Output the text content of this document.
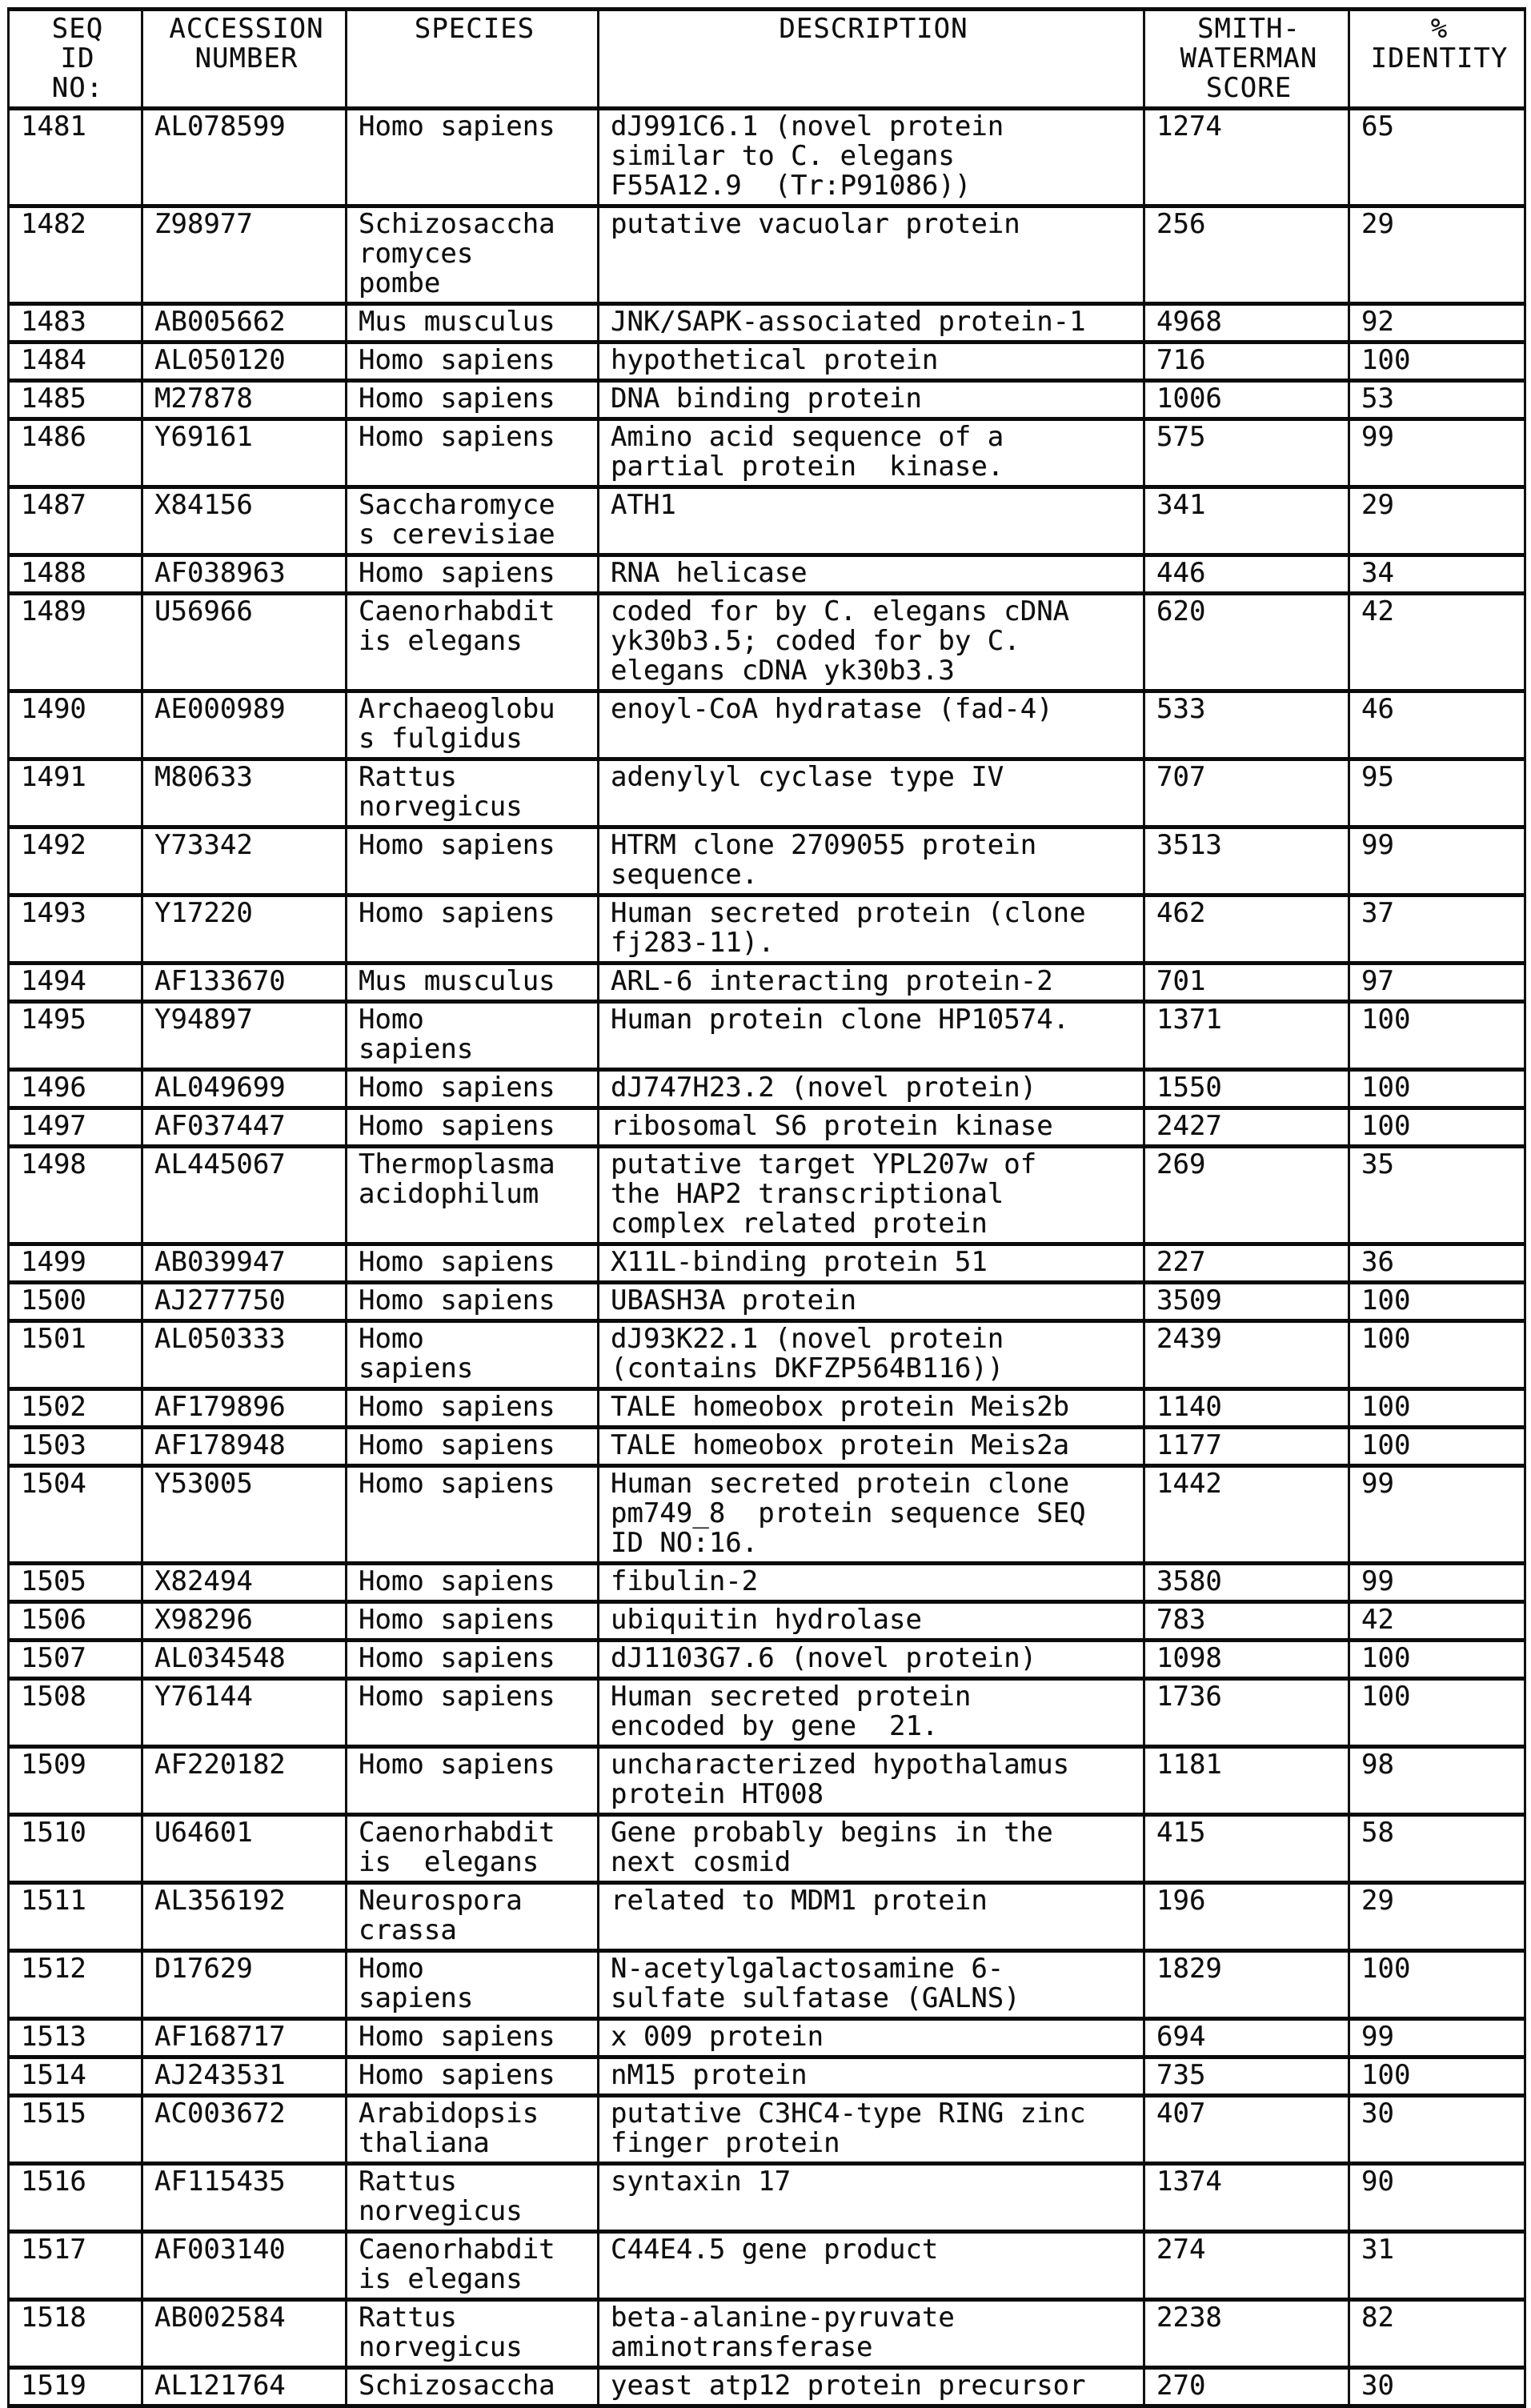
SEQ
ID
NO:	ACCESSION
NUMBER	SPECIES	DESCRIPTION	SMITH-
WATERMAN
SCORE	%
IDENTITY
1481	AL078599	Homo sapiens	dJ991C6.1 (novel protein
similar to C. elegans
F55A12.9  (Tr:P91086))	1274	65
1482	Z98977	Schizosaccha
romyces
pombe	putative vacuolar protein	256	29
1483	AB005662	Mus musculus	JNK/SAPK-associated protein-1	4968	92
1484	AL050120	Homo sapiens	hypothetical protein	716	100
1485	M27878	Homo sapiens	DNA binding protein	1006	53
1486	Y69161	Homo sapiens	Amino acid sequence of a
partial protein  kinase.	575	99
1487	X84156	Saccharomyce
s cerevisiae	ATH1	341	29
1488	AF038963	Homo sapiens	RNA helicase	446	34
1489	U56966	Caenorhabdit
is elegans	coded for by C. elegans cDNA
yk30b3.5; coded for by C.
elegans cDNA yk30b3.3	620	42
1490	AE000989	Archaeoglobu
s fulgidus	enoyl-CoA hydratase (fad-4)	533	46
1491	M80633	Rattus
norvegicus	adenylyl cyclase type IV	707	95
1492	Y73342	Homo sapiens	HTRM clone 2709055 protein
sequence.	3513	99
1493	Y17220	Homo sapiens	Human secreted protein (clone
fj283-11).	462	37
1494	AF133670	Mus musculus	ARL-6 interacting protein-2	701	97
1495	Y94897	Homo
sapiens	Human protein clone HP10574.	1371	100
1496	AL049699	Homo sapiens	dJ747H23.2 (novel protein)	1550	100
1497	AF037447	Homo sapiens	ribosomal S6 protein kinase	2427	100
1498	AL445067	Thermoplasma
acidophilum	putative target YPL207w of
the HAP2 transcriptional
complex related protein	269	35
1499	AB039947	Homo sapiens	X11L-binding protein 51	227	36
1500	AJ277750	Homo sapiens	UBASH3A protein	3509	100
1501	AL050333	Homo
sapiens	dJ93K22.1 (novel protein
(contains DKFZP564B116))	2439	100
1502	AF179896	Homo sapiens	TALE homeobox protein Meis2b	1140	100
1503	AF178948	Homo sapiens	TALE homeobox protein Meis2a	1177	100
1504	Y53005	Homo sapiens	Human secreted protein clone
pm749_8  protein sequence SEQ
ID NO:16.	1442	99
1505	X82494	Homo sapiens	fibulin-2	3580	99
1506	X98296	Homo sapiens	ubiquitin hydrolase	783	42
1507	AL034548	Homo sapiens	dJ1103G7.6 (novel protein)	1098	100
1508	Y76144	Homo sapiens	Human secreted protein
encoded by gene  21.	1736	100
1509	AF220182	Homo sapiens	uncharacterized hypothalamus
protein HT008	1181	98
1510	U64601	Caenorhabdit
is  elegans	Gene probably begins in the
next cosmid	415	58
1511	AL356192	Neurospora
crassa	related to MDM1 protein	196	29
1512	D17629	Homo
sapiens	N-acetylgalactosamine 6-
sulfate sulfatase (GALNS)	1829	100
1513	AF168717	Homo sapiens	x 009 protein	694	99
1514	AJ243531	Homo sapiens	nM15 protein	735	100
1515	AC003672	Arabidopsis
thaliana	putative C3HC4-type RING zinc
finger protein	407	30
1516	AF115435	Rattus
norvegicus	syntaxin 17	1374	90
1517	AF003140	Caenorhabdit
is elegans	C44E4.5 gene product	274	31
1518	AB002584	Rattus
norvegicus	beta-alanine-pyruvate
aminotransferase	2238	82
1519	AL121764	Schizosaccha	yeast atp12 protein precursor	270	30
